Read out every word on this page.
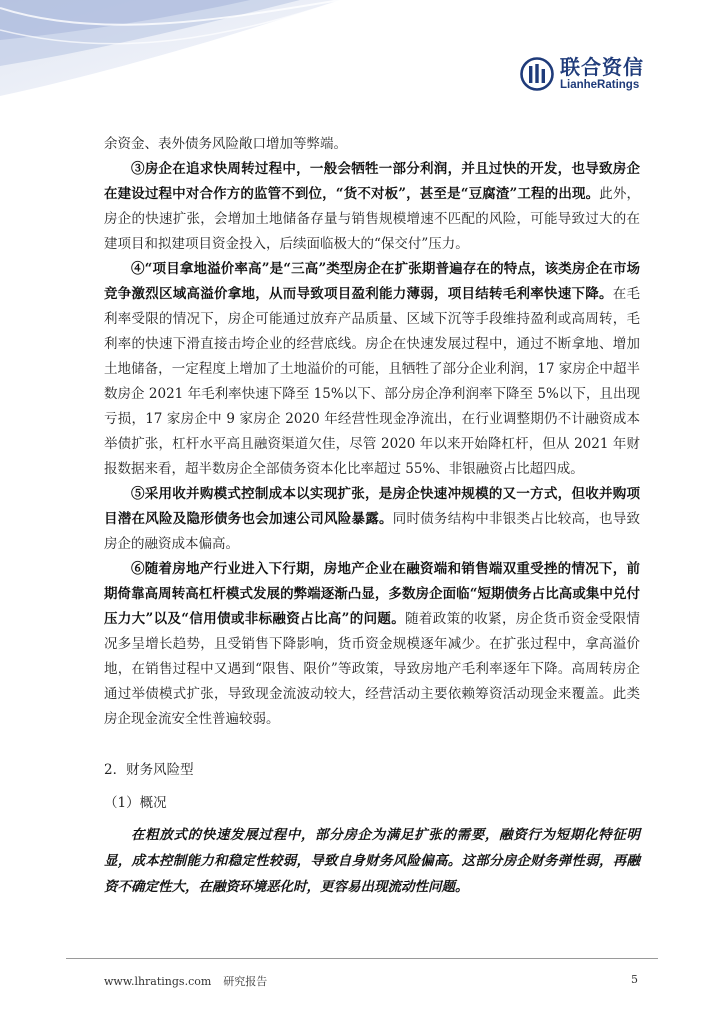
联合资信
LianheRatings

余资金、表外债务风险敞口增加等弊端。

③房企在追求快周转过程中，一般会牺牲一部分利润，并且过快的开发，也导致房企在建设过程中对合作方的监管不到位，“货不对板”，甚至是“豆腐渣”工程的出现。此外，房企的快速扩张，会增加土地储备存量与销售规模增速不匹配的风险，可能导致过大的在建项目和拟建项目资金投入，后续面临极大的“保交付”压力。

④“项目拿地溢价率高”是“三高”类型房企在扩张期普遍存在的特点，该类房企在市场竞争激烈区域高溢价拿地，从而导致项目盈利能力薄弱，项目结转毛利率快速下降。在毛利率受限的情况下，房企可能通过放弃产品质量、区域下沉等手段维持盈利或高周转，毛利率的快速下滑直接击垮企业的经营底线。房企在快速发展过程中，通过不断拿地、增加土地储备，一定程度上增加了土地溢价的可能，且牺牲了部分企业利润，17 家房企中超半数房企 2021 年毛利率快速下降至 15%以下、部分房企净利润率下降至 5%以下，且出现亏损，17 家房企中 9 家房企 2020 年经营性现金净流出，在行业调整期仍不计融资成本举债扩张，杠杆水平高且融资渠道欠佳，尽管 2020 年以来开始降杠杆，但从 2021 年财报数据来看，超半数房企全部债务资本化比率超过 55%、非银融资占比超四成。

⑤采用收并购模式控制成本以实现扩张，是房企快速冲规模的又一方式，但收并购项目潜在风险及隐形债务也会加速公司风险暴露。同时债务结构中非银类占比较高，也导致房企的融资成本偏高。

⑥随着房地产行业进入下行期，房地产企业在融资端和销售端双重受挫的情况下，前期倚靠高周转高杠杆模式发展的弊端逐渐凸显，多数房企面临“短期债务占比高或集中兑付压力大”以及“信用债或非标融资占比高”的问题。随着政策的收紧，房企货币资金受限情况多呈增长趋势，且受销售下降影响，货币资金规模逐年减少。在扩张过程中，拿高溢价地，在销售过程中又遇到“限售、限价”等政策，导致房地产毛利率逐年下降。高周转房企通过举债模式扩张，导致现金流波动较大，经营活动主要依赖筹资活动现金来覆盖。此类房企现金流安全性普遍较弱。

2．财务风险型

（1）概况

在粗放式的快速发展过程中，部分房企为满足扩张的需要，融资行为短期化特征明显，成本控制能力和稳定性较弱，导致自身财务风险偏高。这部分房企财务弹性弱，再融资不确定性大，在融资环境恶化时，更容易出现流动性问题。

www.lhratings.com 研究报告	5
